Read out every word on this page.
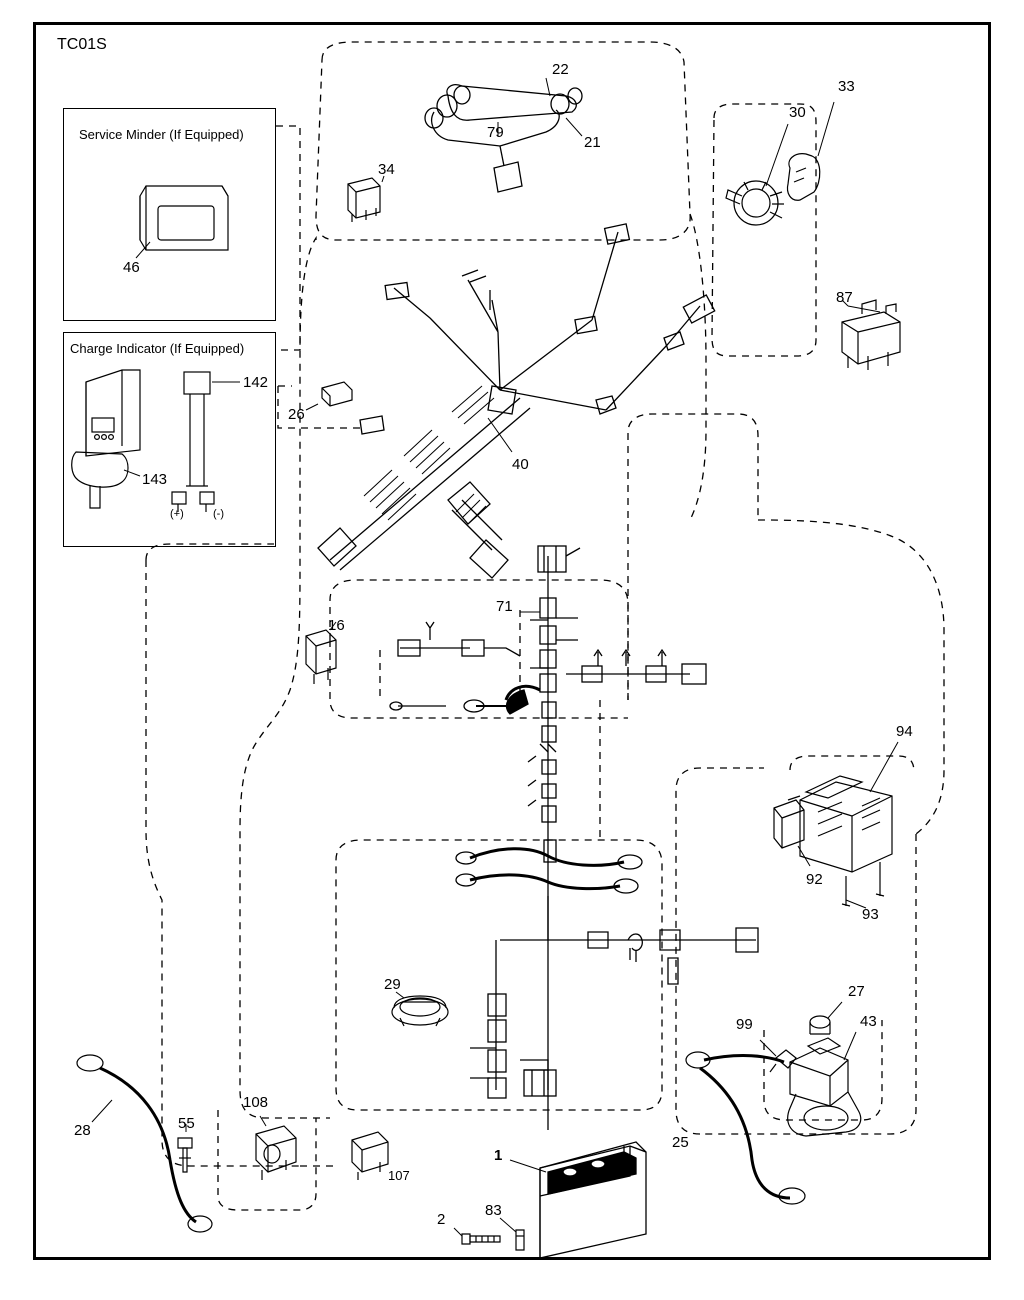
TC01S
Service Minder (If Equipped)
Charge Indicator (If Equipped)
(+)	(-)
22
33
30
79
21
34
87
142
26
143
40
71
16
94
92
93
29	27
99	43
28	55
108
107
25
1
2
83
46
